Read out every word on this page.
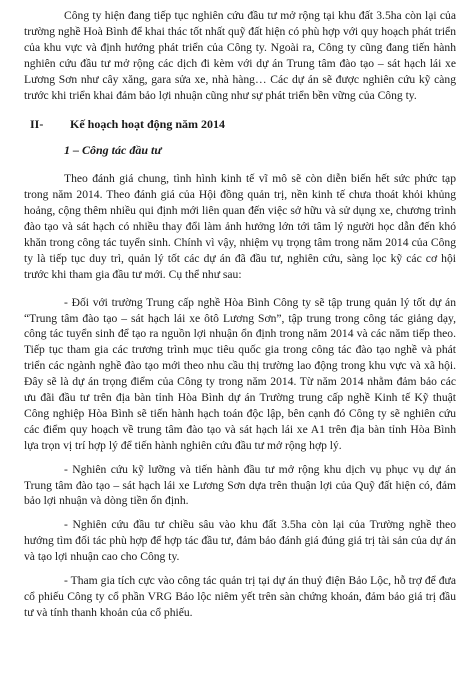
Công ty hiện đang tiếp tục nghiên cứu đầu tư mở rộng tại khu đất 3.5ha còn lại của trường nghề Hoà Bình để khai thác tốt nhất quỹ đất hiện có phù hợp với quy hoạch phát triển của khu vực và định hướng phát triển của Công ty. Ngoài ra, Công ty cũng đang tiến hành nghiên cứu đầu tư mở rộng các dịch đi kèm với dự án Trung tâm đào tạo – sát hạch lái xe Lương Sơn như cây xăng, gara sửa xe, nhà hàng… Các dự án sẽ được nghiên cứu kỹ càng trước khi triển khai đảm bảo lợi nhuận cũng như sự phát triển bền vững của Công ty.

II-	Kế hoạch hoạt động năm 2014
1 – Công tác đầu tư

Theo đánh giá chung, tình hình kinh tế vĩ mô sẽ còn diễn biến hết sức phức tạp trong năm 2014. Theo đánh giá của Hội đồng quản trị, nền kinh tế chưa thoát khỏi khủng hoảng, cộng thêm nhiều qui định mới liên quan đến việc sở hữu và sử dụng xe, chương trình đào tạo và sát hạch có nhiều thay đổi làm ảnh hưởng lớn tới tâm lý người học dẫn đến khó khăn trong công tác tuyển sinh. Chính vì vậy, nhiệm vụ trọng tâm trong năm 2014 của Công ty là tiếp tục duy trì, quản lý tốt các dự án đã đầu tư, nghiên cứu, sàng lọc kỹ các cơ hội trước khi tham gia đầu tư mới. Cụ thể như sau:

- Đối với trường Trung cấp nghề Hòa Bình Công ty sẽ tập trung quản lý tốt dự án “Trung tâm đào tạo – sát hạch lái xe ôtô Lương Sơn”, tập trung trong công tác giảng dạy, công tác tuyển sinh để tạo ra nguồn lợi nhuận ổn định trong năm 2014 và các năm tiếp theo. Tiếp tục tham gia các trương trình mục tiêu quốc gia trong công tác đào tạo nghề và phát triển các ngành nghề đào tạo mới theo nhu cầu thị trường lao động trong khu vực và xã hội. Đây sẽ là dự án trọng điểm của Công ty trong năm 2014. Từ năm 2014 nhằm đảm bảo các ưu đãi đầu tư trên địa bàn tỉnh Hòa Bình dự án Trường trung cấp nghề Kinh tế Kỹ thuật Công nghiệp Hòa Bình sẽ tiến hành hạch toán độc lập, bên cạnh đó Công ty sẽ nghiên cứu các điểm quy hoạch về trung tâm đào tạo và sát hạch lái xe A1 trên địa bàn tỉnh Hòa Bình lựa trọn vị trí hợp lý để tiến hành nghiên cứu đầu tư mở rộng hợp lý.

- Nghiên cứu kỹ lưỡng và tiến hành đầu tư mở rộng khu dịch vụ phục vụ dự án Trung tâm đào tạo – sát hạch lái xe Lương Sơn dựa trên thuận lợi của Quỹ đất hiện có, đảm bảo lợi nhuận và dòng tiền ổn định.

- Nghiên cứu đầu tư chiều sâu vào khu đất 3.5ha còn lại của Trường nghề theo hướng tìm đối tác phù hợp để hợp tác đầu tư, đảm bảo đánh giá đúng giá trị tài sản của dự án và tạo lợi nhuận cao cho Công ty.

- Tham gia tích cực vào công tác quản trị tại dự án thuỷ điện Bảo Lộc, hỗ trợ để đưa cổ phiếu Công ty cổ phần VRG Bảo lộc niêm yết trên sàn chứng khoán, đảm bảo giá trị đầu tư và tính thanh khoản của cổ phiếu.
